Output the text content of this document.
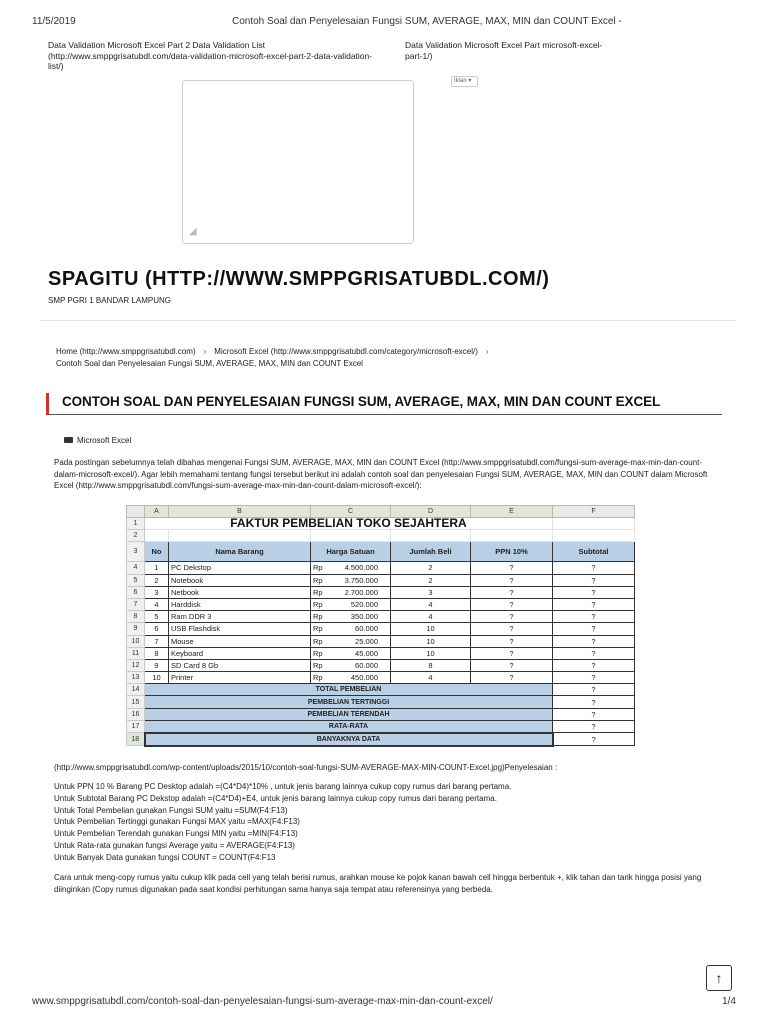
11/5/2019	Contoh Soal dan Penyelesaian Fungsi SUM, AVERAGE, MAX, MIN dan COUNT Excel -
Data Validation Microsoft Excel Part 2 Data Validation List (http://www.smppgrisatubdl.com/data-validation-microsoft-excel-part-2-data-validation-list/)
Data Validation Microsoft Excel Part microsoft-excel-part-1/)
◢
Iklan ▾
SPAGITU (HTTP://WWW.SMPPGRISATUBDL.COM/)
SMP PGRI 1 BANDAR LAMPUNG
Home (http://www.smppgrisatubdl.com) › Microsoft Excel (http://www.smppgrisatubdl.com/category/microsoft-excel/) ›
Contoh Soal dan Penyelesaian Fungsi SUM, AVERAGE, MAX, MIN dan COUNT Excel
CONTOH SOAL DAN PENYELESAIAN FUNGSI SUM, AVERAGE, MAX, MIN DAN COUNT EXCEL
Microsoft Excel
Pada postingan sebelumnya telah dibahas mengenai Fungsi SUM, AVERAGE, MAX, MIN dan COUNT Excel (http://www.smppgrisatubdl.com/fungsi-sum-average-max-min-dan-count-dalam-microsoft-excel/). Agar lebih memahami tentang fungsi tersebut berikut ini adalah contoh soal dan penyelesaian Fungsi SUM, AVERAGE, MAX, MIN dan COUNT dalam Microsoft Excel (http://www.smppgrisatubdl.com/fungsi-sum-average-max-min-dan-count-dalam-microsoft-excel/):
	A	B	C	D	E	F
1	FAKTUR PEMBELIAN TOKO SEJAHTERA					
2						
3	No	Nama Barang	Harga Satuan	Jumlah Beli	PPN 10%	Subtotal
4	1	PC Dekstop	Rp 4.500.000	2	?	?
5	2	Notebook	Rp 3.750.000	2	?	?
6	3	Netbook	Rp 2.700.000	3	?	?
7	4	Harddisk	Rp 520.000	4	?	?
8	5	Ram DDR 3	Rp 350.000	4	?	?
9	6	USB Flashdisk	Rp 60.000	10	?	?
10	7	Mouse	Rp 25.000	10	?	?
11	8	Keyboard	Rp 45.000	10	?	?
12	9	SD Card 8 Gb	Rp 60.000	8	?	?
13	10	Printer	Rp 450.000	4	?	?
14	TOTAL PEMBELIAN					?
15	PEMBELIAN TERTINGGI					?
16	PEMBELIAN TERENDAH					?
17	RATA-RATA					?
18	BANYAKNYA DATA					?
(http://www.smppgrisatubdl.com/wp-content/uploads/2015/10/contoh-soal-fungsi-SUM-AVERAGE-MAX-MIN-COUNT-Excel.jpg)Penyelesaian :
Untuk PPN 10 % Barang PC Desktop adalah =(C4*D4)*10% , untuk jenis barang lainnya cukup copy rumus dari barang pertama.
Untuk Subtotal Barang PC Dekstop adalah =(C4*D4)+E4, untuk jenis barang lainnya cukup copy rumus dari barang pertama.
Untuk Total Pembelian gunakan Fungsi SUM yaitu =SUM(F4:F13)
Untuk Pembelian Tertinggi gunakan Fungsi MAX yaitu =MAX(F4:F13)
Untuk Pembelian Terendah gunakan Fungsi MIN yaitu =MIN(F4:F13)
Untuk Rata-rata gunakan fungsi Average yaitu = AVERAGE(F4:F13)
Untuk Banyak Data gunakan fungsi COUNT = COUNT(F4:F13
Cara untuk meng-copy rumus yaitu cukup klik pada cell yang telah berisi rumus, arahkan mouse ke pojok kanan bawah cell hingga berbentuk +, klik tahan dan tarik hingga posisi yang diinginkan (Copy rumus digunakan pada saat kondisi perhitungan sama hanya saja tempat atau referensinya yang berbeda.
↑
www.smppgrisatubdl.com/contoh-soal-dan-penyelesaian-fungsi-sum-average-max-min-dan-count-excel/	1/4
